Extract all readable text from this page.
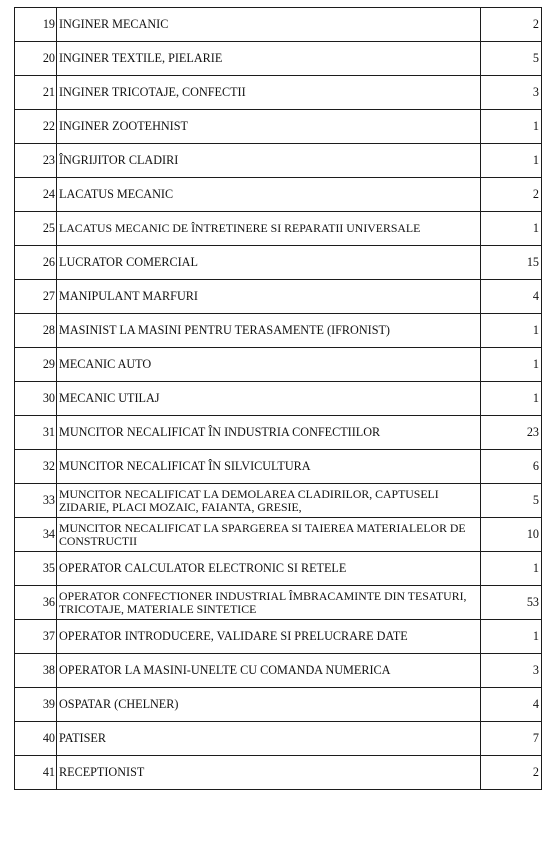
19	INGINER MECANIC	2
20	INGINER TEXTILE, PIELARIE	5
21	INGINER TRICOTAJE, CONFECTII	3
22	INGINER ZOOTEHNIST	1
23	ÎNGRIJITOR CLADIRI	1
24	LACATUS MECANIC	2
25	LACATUS MECANIC DE ÎNTRETINERE SI REPARATII UNIVERSALE	1
26	LUCRATOR COMERCIAL	15
27	MANIPULANT MARFURI	4
28	MASINIST LA MASINI PENTRU TERASAMENTE (IFRONIST)	1
29	MECANIC AUTO	1
30	MECANIC UTILAJ	1
31	MUNCITOR NECALIFICAT ÎN INDUSTRIA CONFECTIILOR	23
32	MUNCITOR NECALIFICAT ÎN SILVICULTURA	6
33	MUNCITOR NECALIFICAT LA DEMOLAREA CLADIRILOR, CAPTUSELI ZIDARIE, PLACI MOZAIC, FAIANTA, GRESIE,	5
34	MUNCITOR NECALIFICAT LA SPARGEREA SI TAIEREA MATERIALELOR DE CONSTRUCTII	10
35	OPERATOR CALCULATOR ELECTRONIC SI RETELE	1
36	OPERATOR CONFECTIONER INDUSTRIAL ÎMBRACAMINTE DIN TESATURI, TRICOTAJE, MATERIALE SINTETICE	53
37	OPERATOR INTRODUCERE, VALIDARE SI PRELUCRARE DATE	1
38	OPERATOR LA MASINI-UNELTE CU COMANDA NUMERICA	3
39	OSPATAR (CHELNER)	4
40	PATISER	7
41	RECEPTIONIST	2
